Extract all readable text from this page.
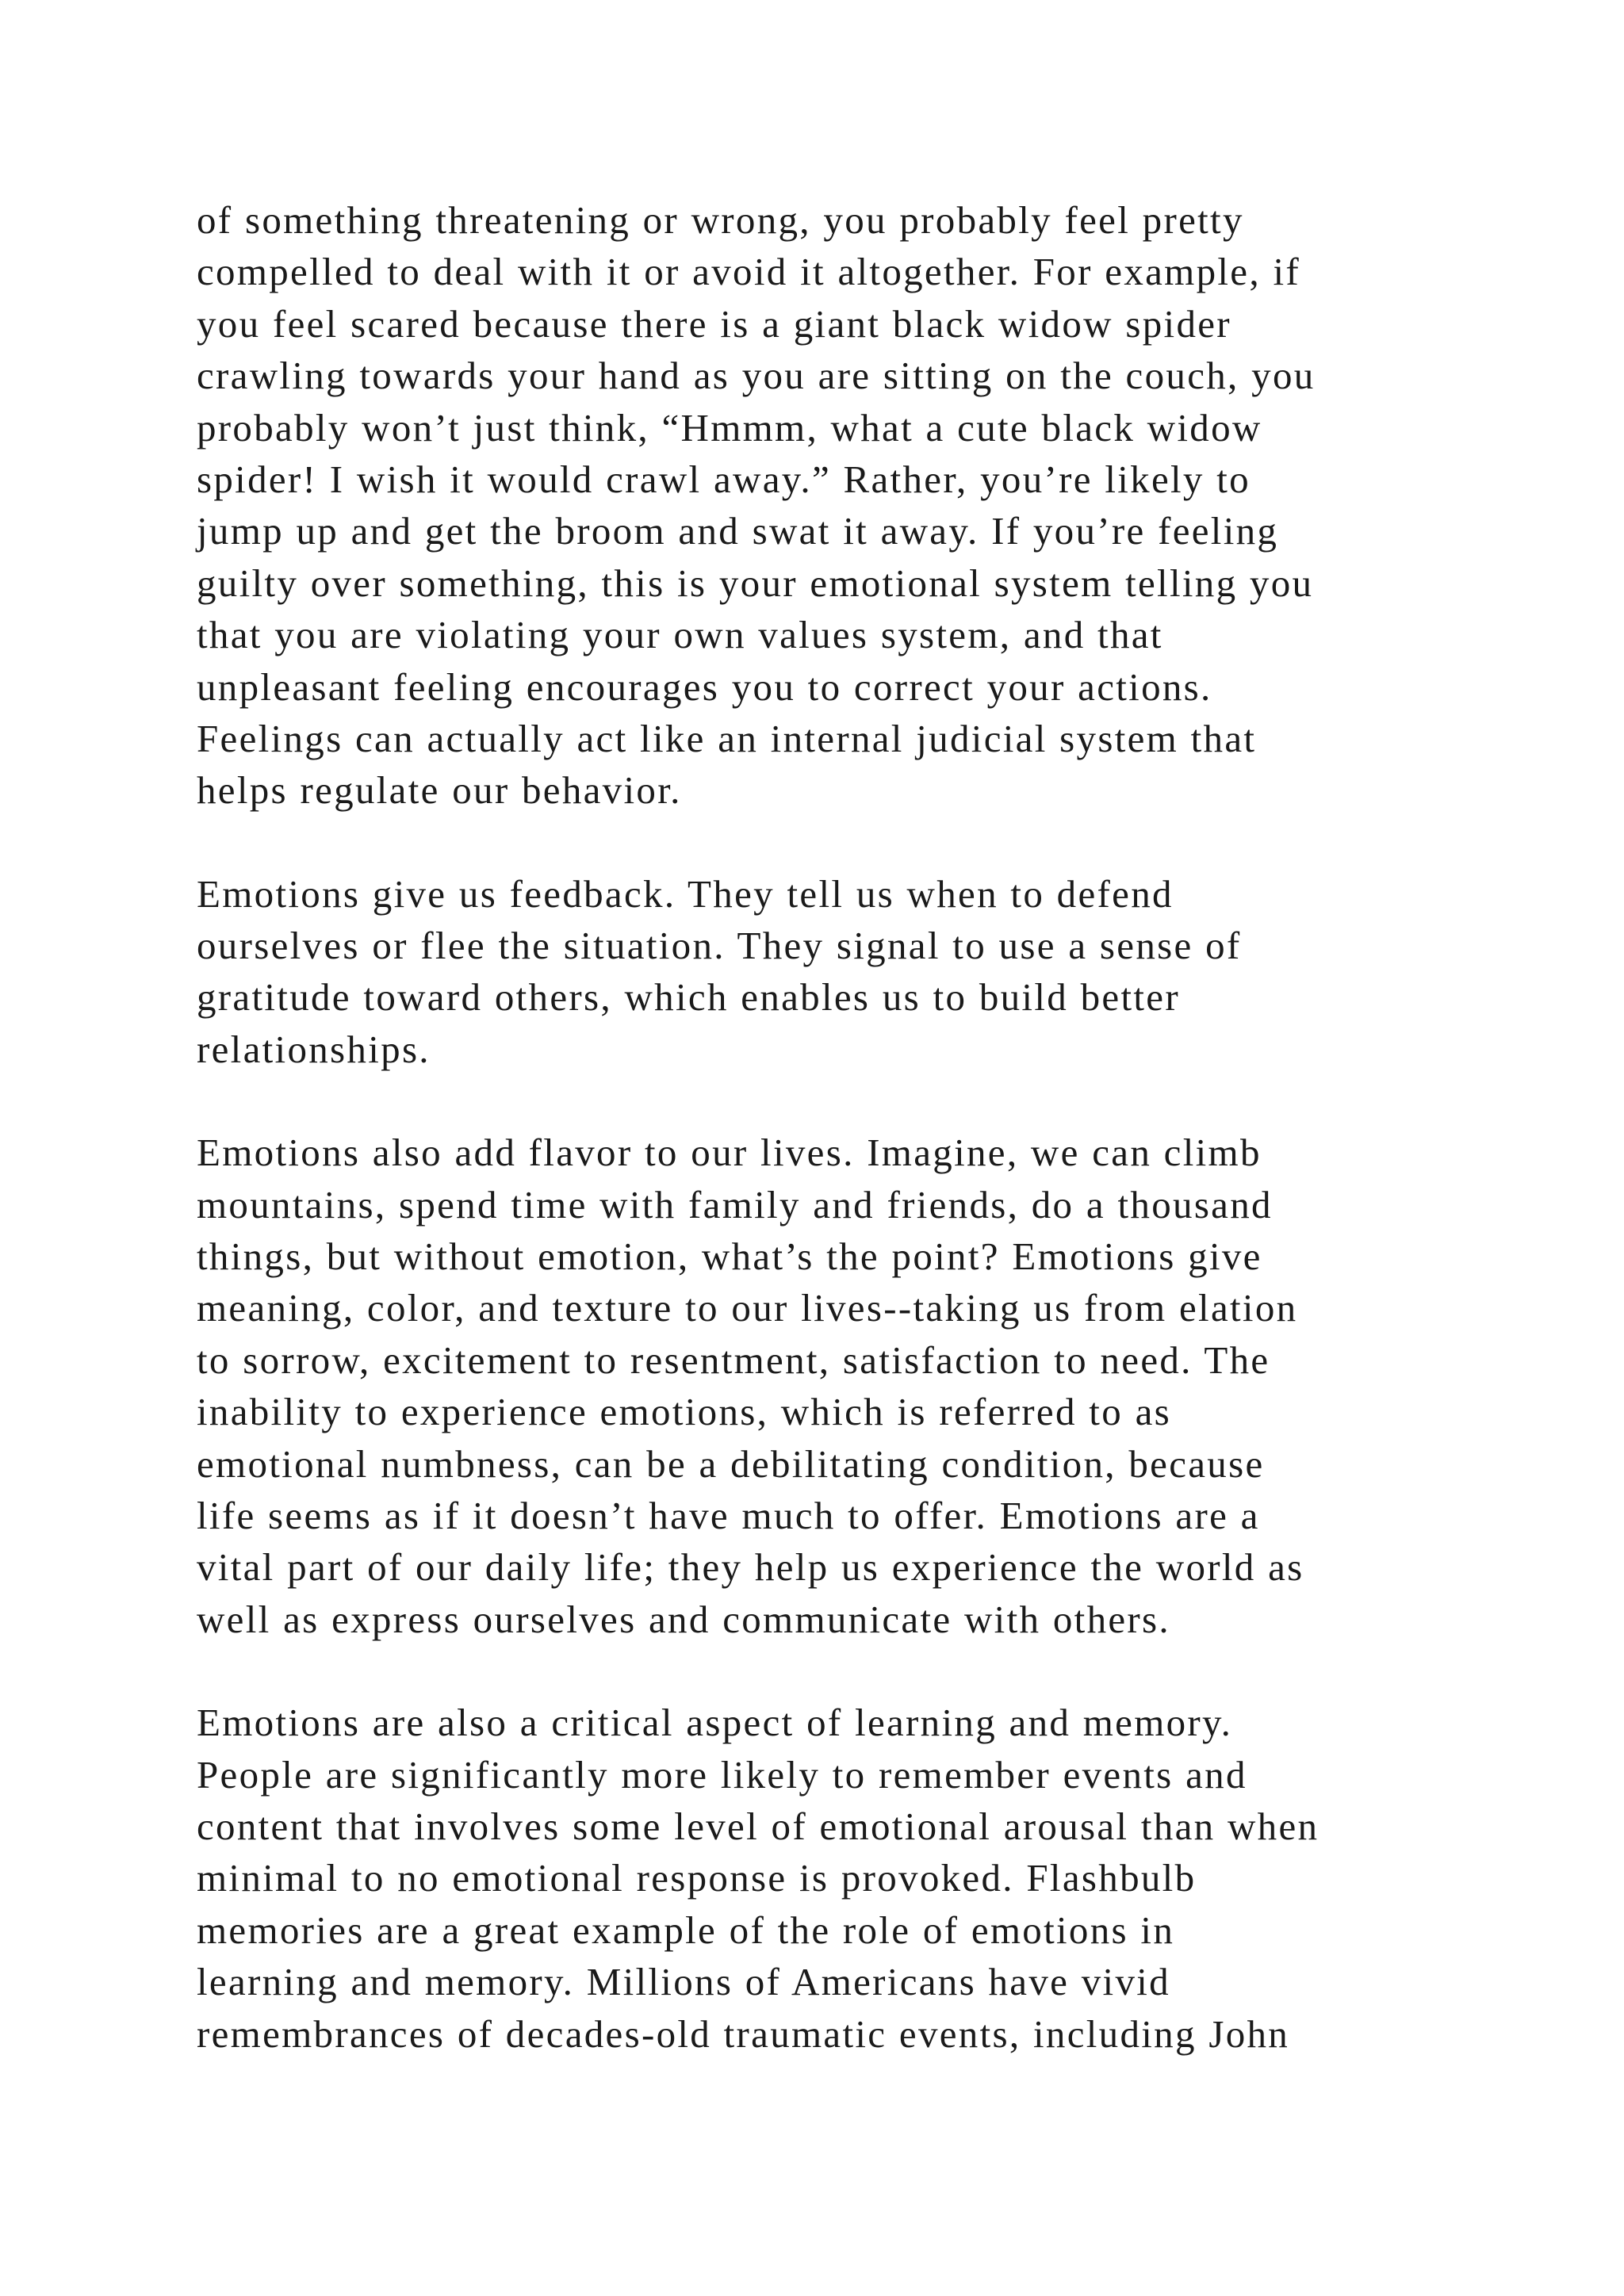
of something threatening or wrong, you probably feel pretty
compelled to deal with it or avoid it altogether. For example, if
you feel scared because there is a giant black widow spider
crawling towards your hand as you are sitting on the couch, you
probably won’t just think, “Hmmm, what a cute black widow
spider! I wish it would crawl away.” Rather, you’re likely to
jump up and get the broom and swat it away. If you’re feeling
guilty over something, this is your emotional system telling you
that you are violating your own values system, and that
unpleasant feeling encourages you to correct your actions.
Feelings can actually act like an internal judicial system that
helps regulate our behavior.

Emotions give us feedback. They tell us when to defend
ourselves or flee the situation. They signal to use a sense of
gratitude toward others, which enables us to build better
relationships.

Emotions also add flavor to our lives. Imagine, we can climb
mountains, spend time with family and friends, do a thousand
things, but without emotion, what’s the point? Emotions give
meaning, color, and texture to our lives--taking us from elation
to sorrow, excitement to resentment, satisfaction to need. The
inability to experience emotions, which is referred to as
emotional numbness, can be a debilitating condition, because
life seems as if it doesn’t have much to offer. Emotions are a
vital part of our daily life; they help us experience the world as
well as express ourselves and communicate with others.

Emotions are also a critical aspect of learning and memory.
People are significantly more likely to remember events and
content that involves some level of emotional arousal than when
minimal to no emotional response is provoked. Flashbulb
memories are a great example of the role of emotions in
learning and memory. Millions of Americans have vivid
remembrances of decades-old traumatic events, including John
